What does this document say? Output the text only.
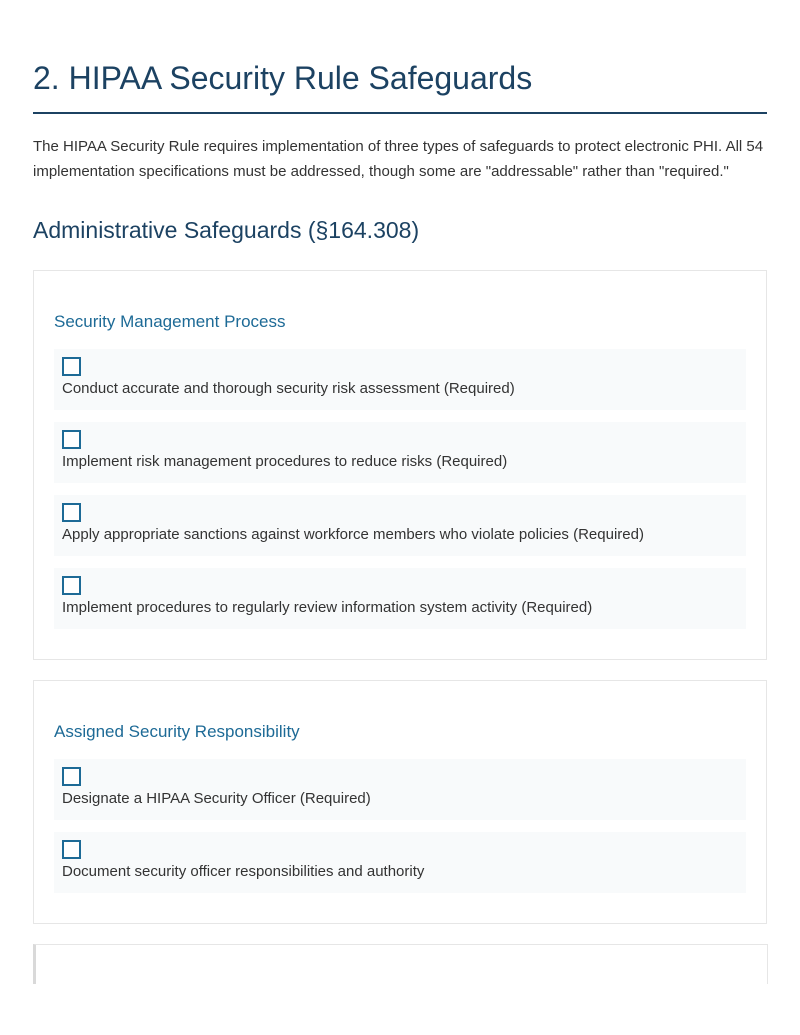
2. HIPAA Security Rule Safeguards

The HIPAA Security Rule requires implementation of three types of safeguards to protect electronic PHI. All 54 implementation specifications must be addressed, though some are "addressable" rather than "required."

Administrative Safeguards (§164.308)
Security Management Process
Conduct accurate and thorough security risk assessment (Required)
Implement risk management procedures to reduce risks (Required)
Apply appropriate sanctions against workforce members who violate policies (Required)
Implement procedures to regularly review information system activity (Required)
Assigned Security Responsibility
Designate a HIPAA Security Officer (Required)
Document security officer responsibilities and authority
